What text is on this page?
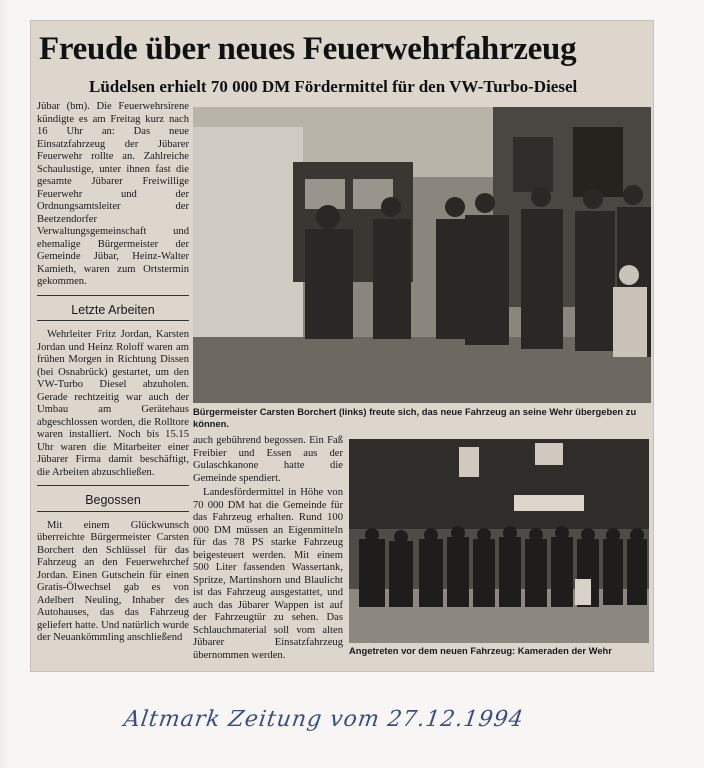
Freude über neues Feuerwehrfahrzeug
Lüdelsen erhielt 70 000 DM Fördermittel für den VW-Turbo-Diesel

Jübar (bm). Die Feuerwehrsirene kündigte es am Freitag kurz nach 16 Uhr an: Das neue Einsatzfahrzeug der Jübarer Feuerwehr rollte an. Zahlreiche Schaulustige, unter ihnen fast die gesamte Jübarer Freiwillige Feuerwehr und der Ordnungsamtsleiter der Beetzendorfer Verwaltungsgemeinschaft und ehemalige Bürgermeister der Gemeinde Jübar, Heinz-Walter Kamieth, waren zum Ortstermin gekommen.

Letzte Arbeiten

Wehrleiter Fritz Jordan, Karsten Jordan und Heinz Roloff waren am frühen Morgen in Richtung Dissen (bei Osnabrück) gestartet, um den VW-Turbo Diesel abzuholen. Gerade rechtzeitig war auch der Umbau am Gerätehaus abgeschlossen worden, die Rolltore waren installiert. Noch bis 15.15 Uhr waren die Mitarbeiter einer Jübarer Firma damit beschäftigt, die Arbeiten abzuschließen.

Begossen

Mit einem Glückwunsch überreichte Bürgermeister Carsten Borchert den Schlüssel für das Fahrzeug an den Feuerwehrchef Jordan. Einen Gutschein für einen Gratis-Ölwechsel gab es von Adelbert Neuling, Inhaber des Autohauses, das das Fahrzeug geliefert hatte. Und natürlich wurde der Neuankömmling anschließend

Bürgermeister Carsten Borchert (links) freute sich, das neue Fahrzeug an seine Wehr übergeben zu können.

auch gebührend begossen. Ein Faß Freibier und Essen aus der Gulaschkanone hatte die Gemeinde spendiert.

Landesfördermittel in Höhe von 70 000 DM hat die Gemeinde für das Fahrzeug erhalten. Rund 100 000 DM müssen an Eigenmitteln für das 78 PS starke Fahrzeug beigesteuert werden. Mit einem 500 Liter fassenden Wassertank, Spritze, Martinshorn und Blaulicht ist das Fahrzeug ausgestattet, und auch das Jübarer Wappen ist auf der Fahrzeugtür zu sehen. Das Schlauchmaterial soll vom alten Jübarer Einsatzfahrzeug übernommen werden.	Angetreten vor dem neuen Fahrzeug: Kameraden der Wehr
Altmark Zeitung vom 27.12.1994
